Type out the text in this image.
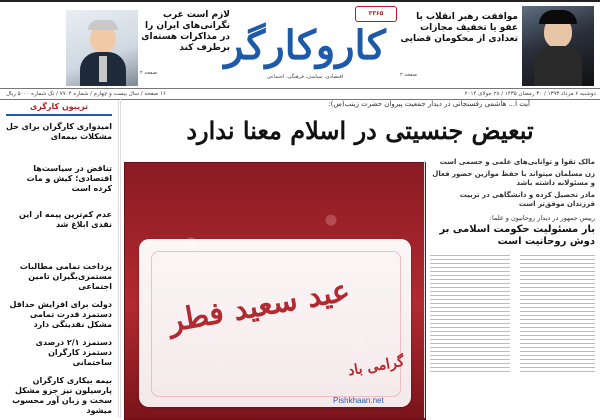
موافقت رهبر انقلاب با عفو یا تخفیف مجازات تعدادی از محکومان قضایی
صفحه ۲
۳۳۶۵
کاروکارگر
اقتصادی، سیاسی، فرهنگی، اجتماعی
لازم است غرب نگرانی‌های ایران را در مذاکرات هسته‌ای برطرف کند
صفحه ۲
دوشنبه ۶ مرداد ۱۳۹۳ / ۳۰ رمضان ۱۴۳۵ / ۲۸ جولای ۲۰۱۴
۱۶ صفحه / سال بیست و چهارم / شماره ۷۷۰۴ / تک شماره ۵۰۰۰ ریال
آیت ا... هاشمی رفسنجانی در دیدار جمعیت پیروان حضرت زینب(س):
تبعیض جنسیتی در اسلام معنا ندارد
مالک تقوا و توانایی‌های علمی و جسمی است
زن مسلمان میتواند با حفظ موازین حضور فعال و مسئولانه داشته باشد
مادر تحصیل کرده و دانشگاهی در تربیت فرزندان موفق‌تر است
رییس جمهور در دیدار روحانیون و علما:
بار مسئولیت حکومت اسلامی بر دوش روحانیت است
تریبون کارگری
امیدواری کارگران برای حل مشکلات بیمه‌ای
تناقض در سیاست‌ها اقتصادی؛ کیش و مات کرده است
عدم کم‌ترین پیمه از این نقدی ابلاغ شد
پرداخت تمامی مطالبات مستمری‌بگیران تامین اجتماعی
دولت برای افزایش حداقل دستمزد قدرت تمامی مشکل نقدینگی دارد
دستمزد ۲/۱ درصدی دستمزد کارگران ساختمانی
بیمه بیکاری کارگران پارسیلون نیز جزو مشکل سخت و زبان آور محسوب میشود
عید سعید فطر
گرامی باد
Pishkhaan.net
